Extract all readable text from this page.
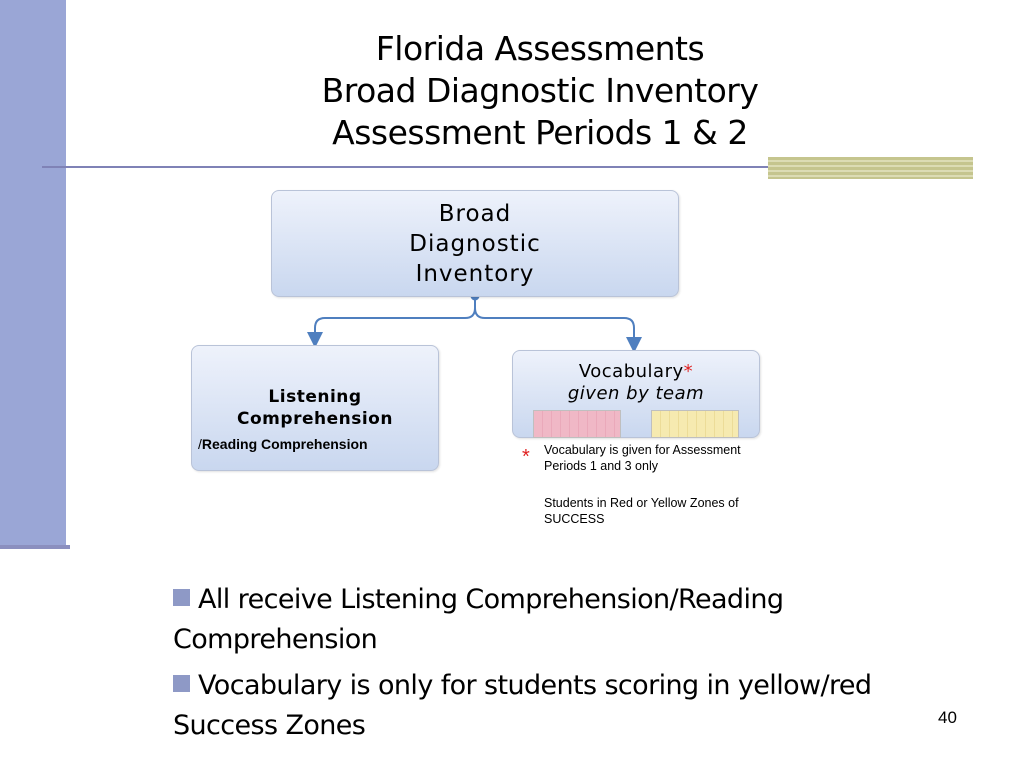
Florida Assessments
Broad Diagnostic Inventory
Assessment Periods 1 & 2
Broad
Diagnostic
Inventory
Listening
Comprehension
/Reading Comprehension
Vocabulary*
given by team
* Vocabulary is given for Assessment Periods 1 and 3 only
Students in Red or Yellow Zones of SUCCESS
All receive Listening Comprehension/Reading Comprehension
Vocabulary is only for students scoring in yellow/red Success Zones	40
